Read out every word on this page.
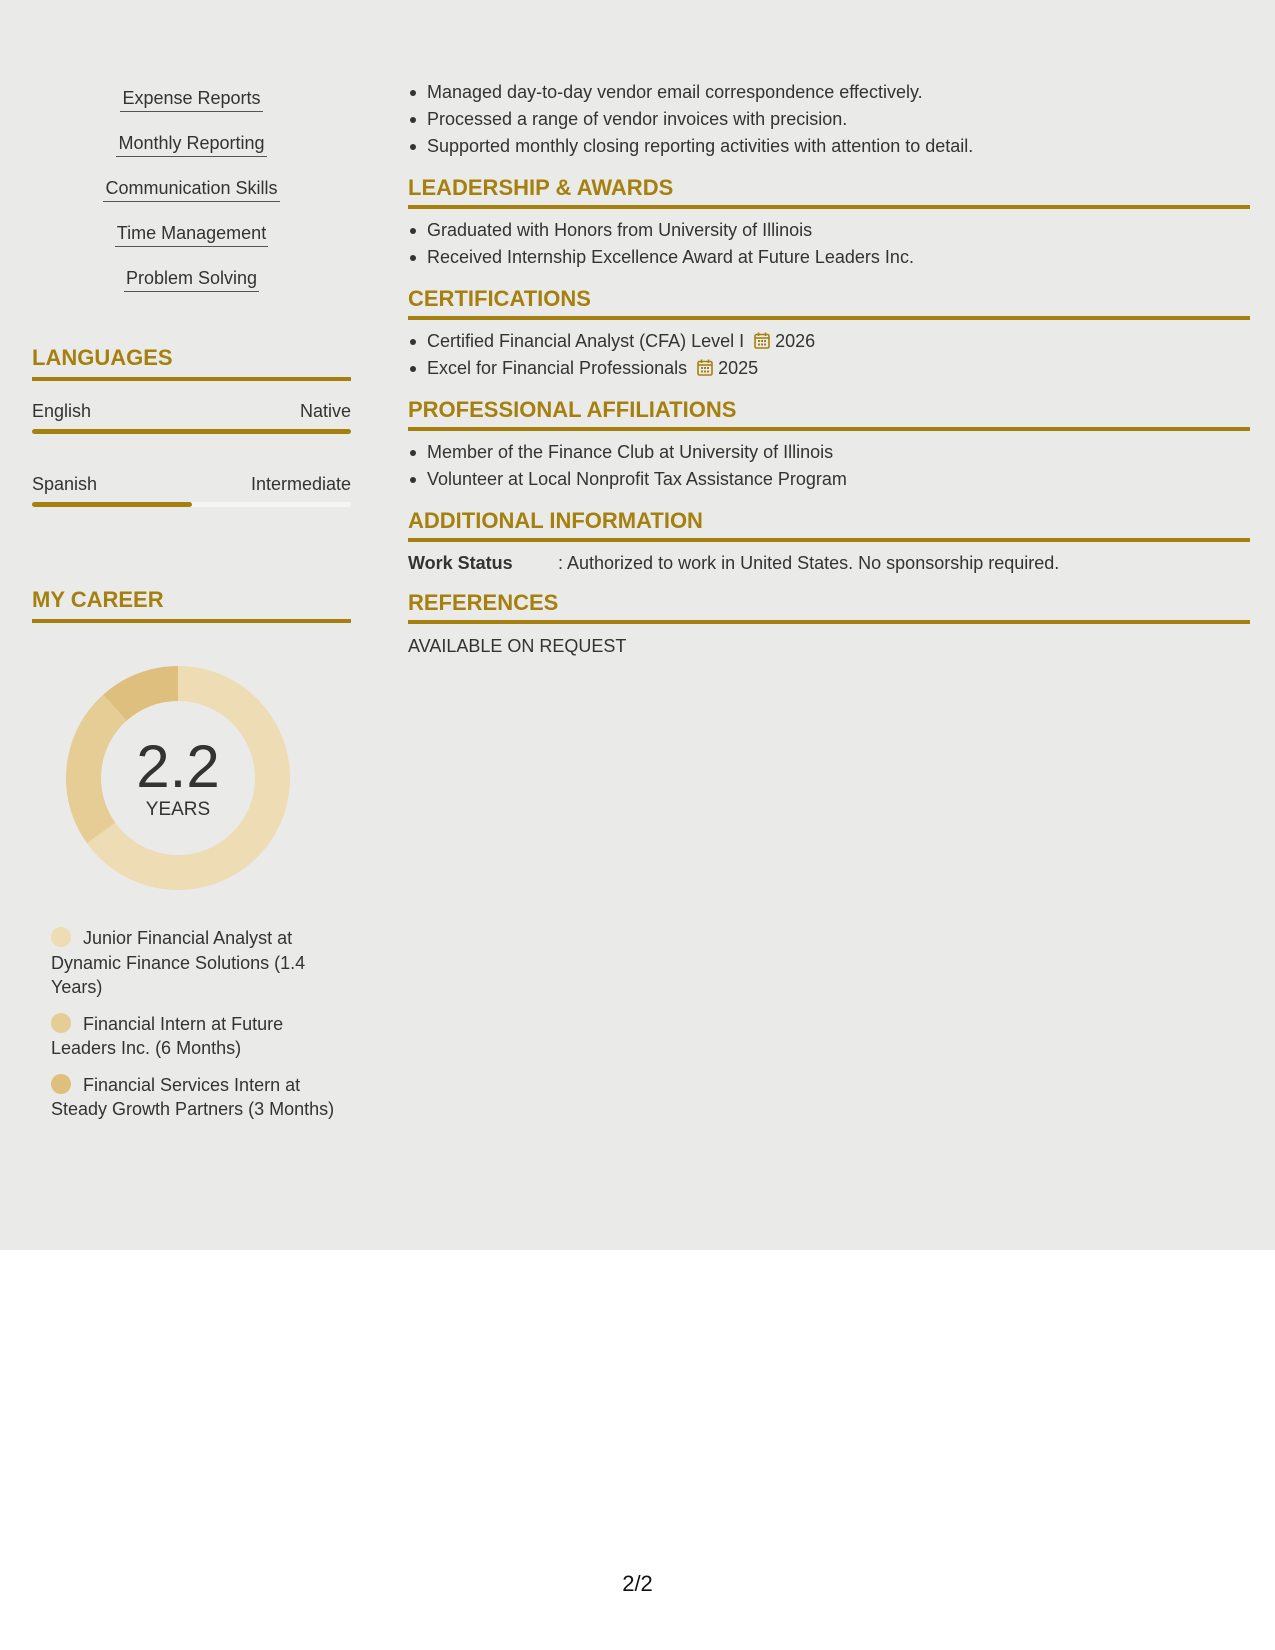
Expense Reports
Monthly Reporting
Communication Skills
Time Management
Problem Solving
LANGUAGES
English	Native
Spanish	Intermediate
MY CAREER
2.2
YEARS
Junior Financial Analyst at Dynamic Finance Solutions (1.4 Years)
Financial Intern at Future Leaders Inc. (6 Months)
Financial Services Intern at Steady Growth Partners (3 Months)
Managed day-to-day vendor email correspondence effectively.
Processed a range of vendor invoices with precision.
Supported monthly closing reporting activities with attention to detail.
LEADERSHIP & AWARDS
Graduated with Honors from University of Illinois
Received Internship Excellence Award at Future Leaders Inc.
CERTIFICATIONS
Certified Financial Analyst (CFA) Level I 2026
Excel for Financial Professionals 2025
PROFESSIONAL AFFILIATIONS
Member of the Finance Club at University of Illinois
Volunteer at Local Nonprofit Tax Assistance Program
ADDITIONAL INFORMATION
Work Status	: Authorized to work in United States. No sponsorship required.
REFERENCES
AVAILABLE ON REQUEST
2/2
